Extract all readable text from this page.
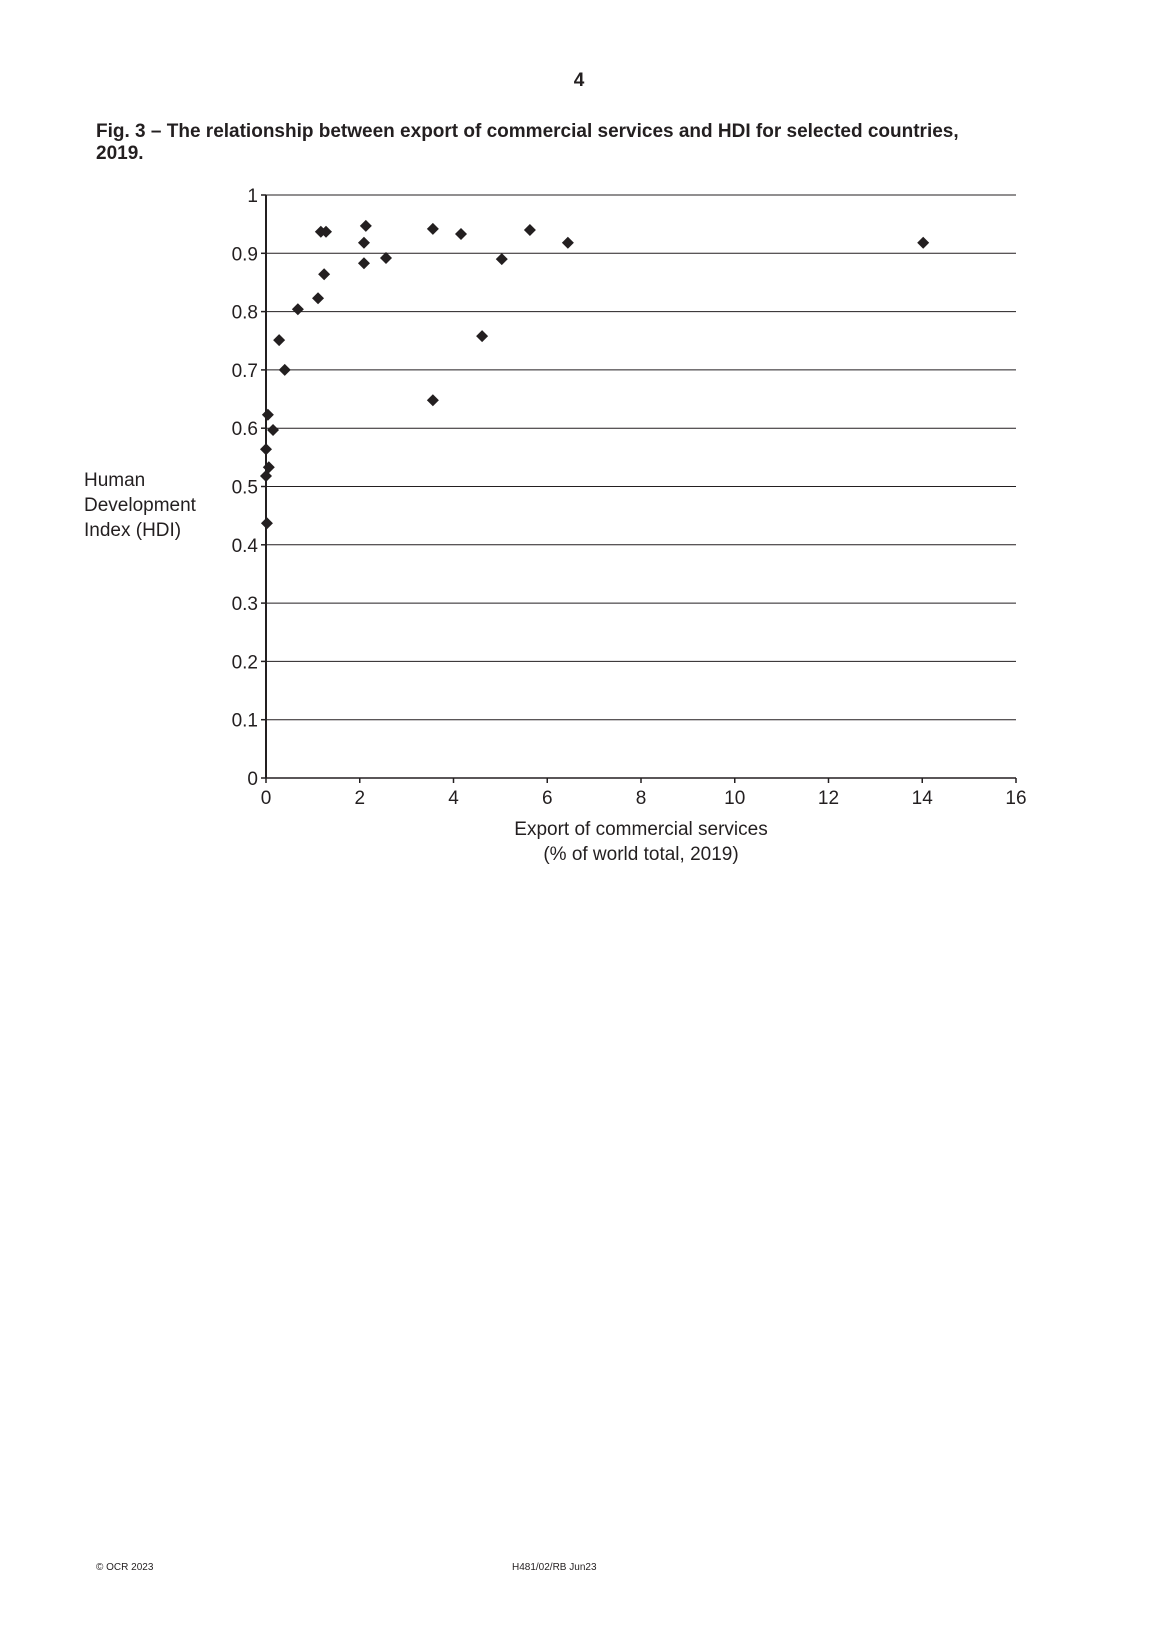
4
Fig. 3 – The relationship between export of commercial services and HDI for selected countries, 2019.
Human
Development
Index (HDI)
0
0.1
0.2
0.3
0.4
0.5
0.6
0.7
0.8
0.9
1
0	2	4	6	8	10	12	14	16
Export of commercial services
(% of world total, 2019)
© OCR 2023	H481/02/RB Jun23
